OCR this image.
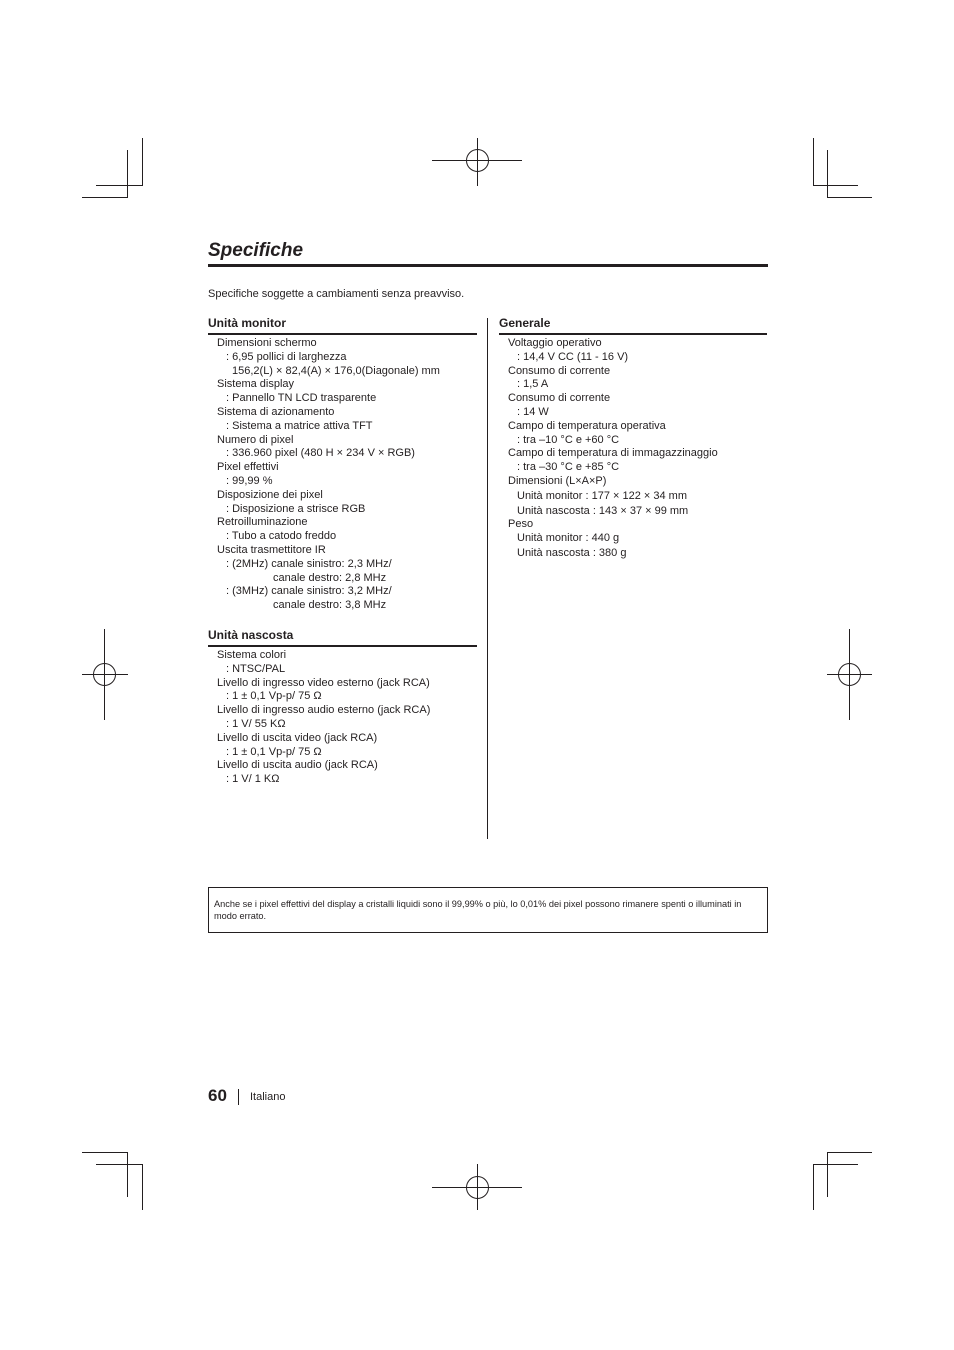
Specifiche

Specifiche soggette a cambiamenti senza preavviso.

Unità monitor
Dimensioni schermo
: 6,95 pollici di larghezza
156,2(L) × 82,4(A) × 176,0(Diagonale) mm
Sistema display
: Pannello TN LCD trasparente
Sistema di azionamento
: Sistema a matrice attiva TFT
Numero di pixel
: 336.960 pixel (480 H × 234 V × RGB)
Pixel effettivi
: 99,99 %
Disposizione dei pixel
: Disposizione a strisce RGB
Retroilluminazione
: Tubo a catodo freddo
Uscita trasmettitore IR
: (2MHz) canale sinistro: 2,3 MHz/
canale destro: 2,8 MHz
: (3MHz) canale sinistro: 3,2 MHz/
canale destro: 3,8 MHz
Unità nascosta
Sistema colori
: NTSC/PAL
Livello di ingresso video esterno (jack RCA)
: 1 ± 0,1 Vp-p/ 75 Ω
Livello di ingresso audio esterno (jack RCA)
: 1 V/ 55 KΩ
Livello di uscita video (jack RCA)
: 1 ± 0,1 Vp-p/ 75 Ω
Livello di uscita audio (jack RCA)
: 1 V/ 1 KΩ
Generale
Voltaggio operativo
: 14,4 V CC (11 - 16 V)
Consumo di corrente
: 1,5 A
Consumo di corrente
: 14 W
Campo di temperatura operativa
: tra –10 °C e +60 °C
Campo di temperatura di immagazzinaggio
: tra –30 °C e +85 °C
Dimensioni (L×A×P)
Unità monitor : 177 × 122 × 34 mm
Unità nascosta : 143 × 37 × 99 mm
Peso
Unità monitor : 440 g
Unità nascosta : 380 g
Anche se i pixel effettivi del display a cristalli liquidi sono il 99,99% o più, lo 0,01% dei pixel possono rimanere spenti o illuminati in modo errato.
60 Italiano
